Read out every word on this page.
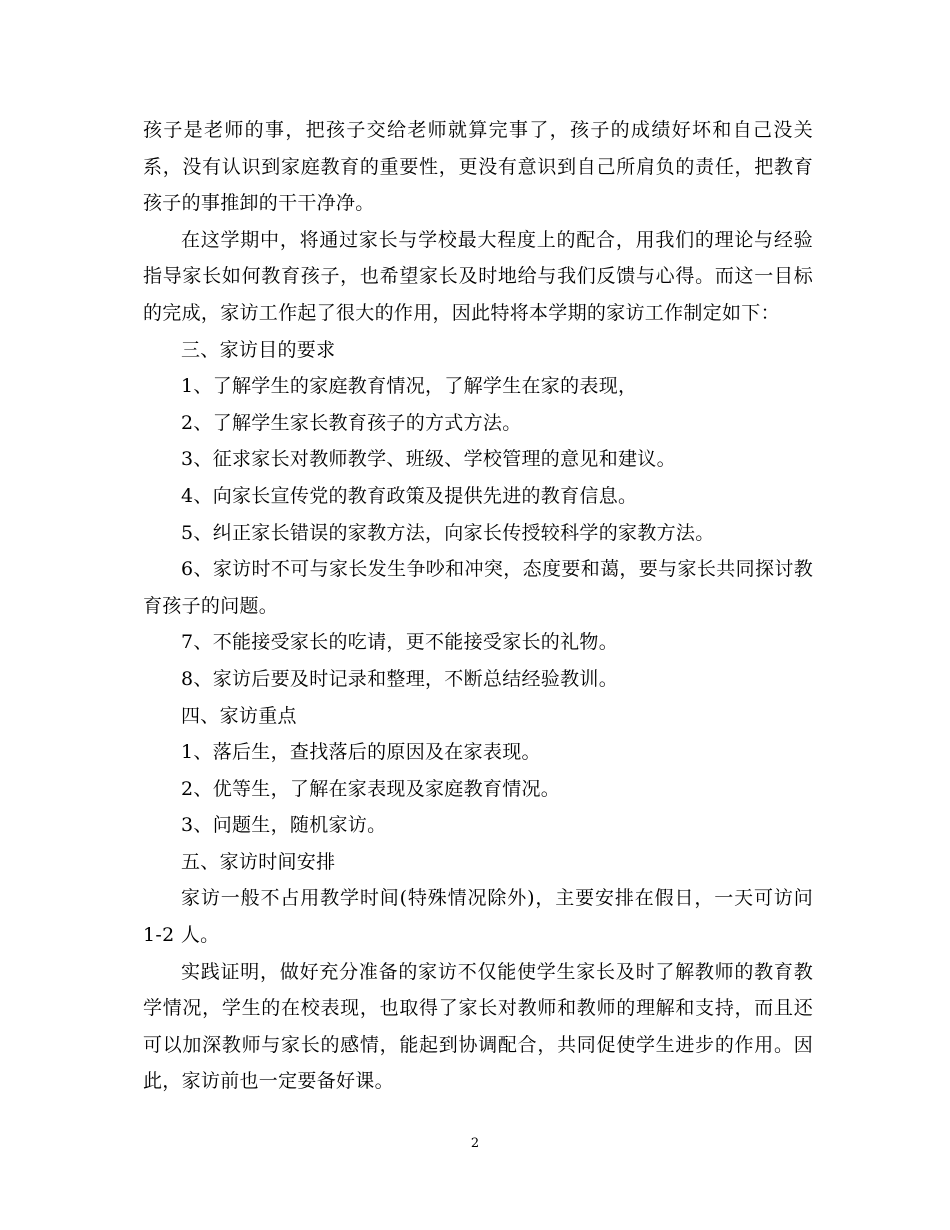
孩子是老师的事，把孩子交给老师就算完事了，孩子的成绩好坏和自己没关系，没有认识到家庭教育的重要性，更没有意识到自己所肩负的责任，把教育孩子的事推卸的干干净净。

在这学期中，将通过家长与学校最大程度上的配合，用我们的理论与经验指导家长如何教育孩子，也希望家长及时地给与我们反馈与心得。而这一目标的完成，家访工作起了很大的作用，因此特将本学期的家访工作制定如下：

三、家访目的要求

1、了解学生的家庭教育情况，了解学生在家的表现，

2、了解学生家长教育孩子的方式方法。

3、征求家长对教师教学、班级、学校管理的意见和建议。

4、向家长宣传党的教育政策及提供先进的教育信息。

5、纠正家长错误的家教方法，向家长传授较科学的家教方法。

6、家访时不可与家长发生争吵和冲突，态度要和蔼，要与家长共同探讨教育孩子的问题。

7、不能接受家长的吃请，更不能接受家长的礼物。

8、家访后要及时记录和整理，不断总结经验教训。

四、家访重点

1、落后生，查找落后的原因及在家表现。

2、优等生，了解在家表现及家庭教育情况。

3、问题生，随机家访。

五、家访时间安排

家访一般不占用教学时间(特殊情况除外)，主要安排在假日，一天可访问 1-2 人。

实践证明，做好充分准备的家访不仅能使学生家长及时了解教师的教育教学情况，学生的在校表现，也取得了家长对教师和教师的理解和支持，而且还可以加深教师与家长的感情，能起到协调配合，共同促使学生进步的作用。因此，家访前也一定要备好课。

2
